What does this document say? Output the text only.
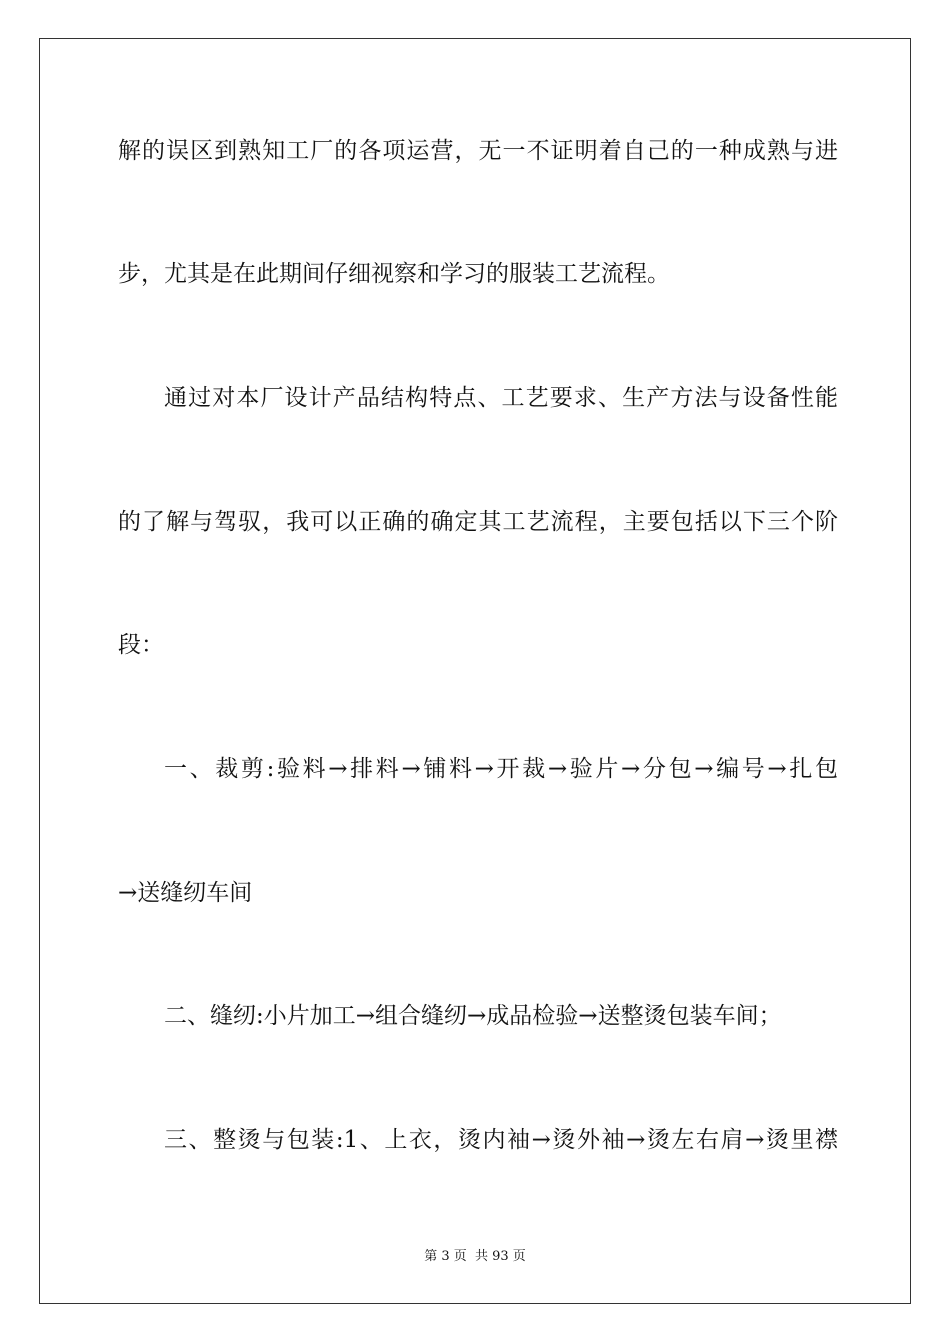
解的误区到熟知工厂的各项运营，无一不证明着自己的一种成熟与进
步，尤其是在此期间仔细视察和学习的服装工艺流程。
通过对本厂设计产品结构特点、工艺要求、生产方法与设备性能
的了解与驾驭，我可以正确的确定其工艺流程，主要包括以下三个阶
段：
一、裁剪:验料→排料→铺料→开裁→验片→分包→编号→扎包
→送缝纫车间
二、缝纫:小片加工→组合缝纫→成品检验→送整烫包装车间；
三、整烫与包装:1、上衣，烫内袖→烫外袖→烫左右肩→烫里襟
第 3 页 共 93 页
